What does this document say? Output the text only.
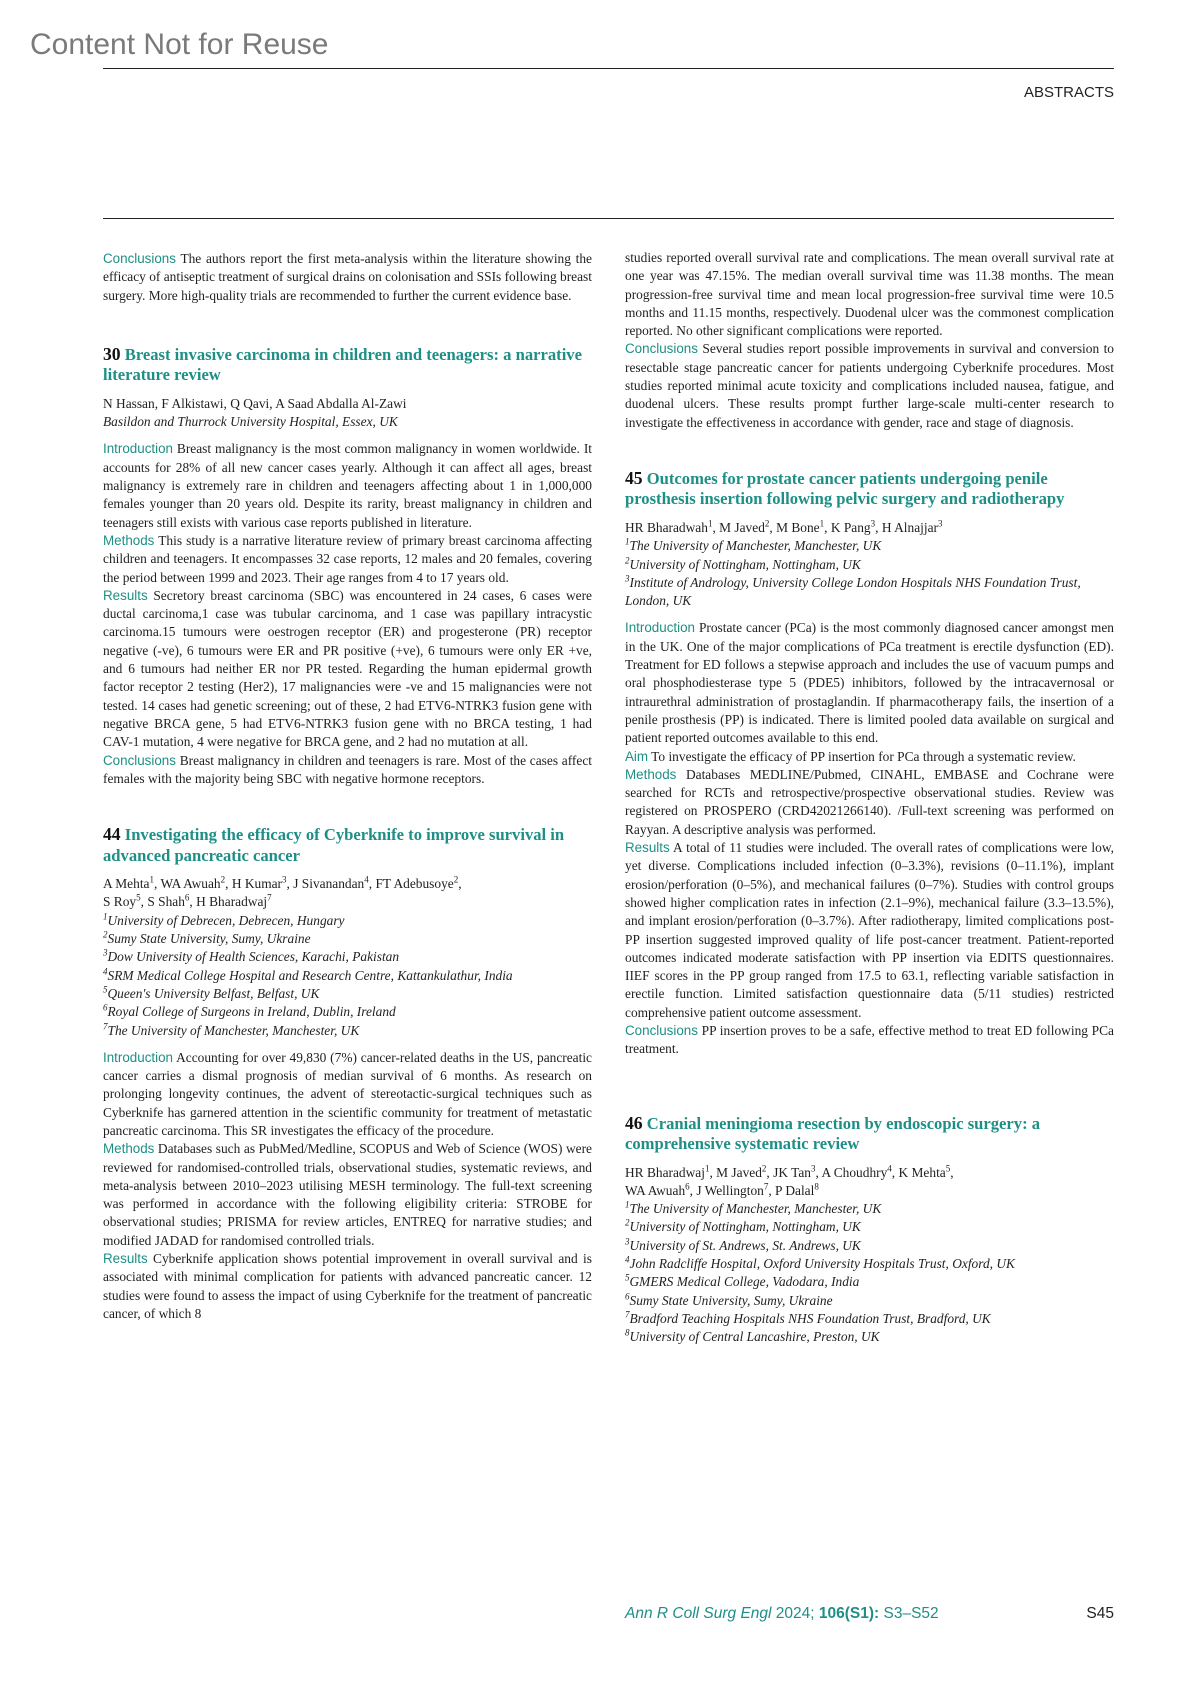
Content Not for Reuse
ABSTRACTS

Conclusions The authors report the first meta-analysis within the literature showing the efficacy of antiseptic treatment of surgical drains on colonisation and SSIs following breast surgery. More high-quality trials are recommended to further the current evidence base.

30 Breast invasive carcinoma in children and teenagers: a narrative literature review

N Hassan, F Alkistawi, Q Qavi, A Saad Abdalla Al-Zawi

Basildon and Thurrock University Hospital, Essex, UK

Introduction Breast malignancy is the most common malignancy in women worldwide. It accounts for 28% of all new cancer cases yearly. Although it can affect all ages, breast malignancy is extremely rare in children and teenagers affecting about 1 in 1,000,000 females younger than 20 years old. Despite its rarity, breast malignancy in children and teenagers still exists with various case reports published in literature.

Methods This study is a narrative literature review of primary breast carcinoma affecting children and teenagers. It encompasses 32 case reports, 12 males and 20 females, covering the period between 1999 and 2023. Their age ranges from 4 to 17 years old.

Results Secretory breast carcinoma (SBC) was encountered in 24 cases, 6 cases were ductal carcinoma,1 case was tubular carcinoma, and 1 case was papillary intracystic carcinoma.15 tumours were oestrogen receptor (ER) and progesterone (PR) receptor negative (-ve), 6 tumours were ER and PR positive (+ve), 6 tumours were only ER +ve, and 6 tumours had neither ER nor PR tested. Regarding the human epidermal growth factor receptor 2 testing (Her2), 17 malignancies were -ve and 15 malignancies were not tested. 14 cases had genetic screening; out of these, 2 had ETV6-NTRK3 fusion gene with negative BRCA gene, 5 had ETV6-NTRK3 fusion gene with no BRCA testing, 1 had CAV-1 mutation, 4 were negative for BRCA gene, and 2 had no mutation at all.

Conclusions Breast malignancy in children and teenagers is rare. Most of the cases affect females with the majority being SBC with negative hormone receptors.

44 Investigating the efficacy of Cyberknife to improve survival in advanced pancreatic cancer

A Mehta$^1$, WA Awuah$^2$, H Kumar$^3$, J Sivanandan$^4$, FT Adebusoye$^2$,
S Roy$^5$, S Shah$^6$, H Bharadwaj$^7$

$^1$University of Debrecen, Debrecen, Hungary

$^2$Sumy State University, Sumy, Ukraine

$^3$Dow University of Health Sciences, Karachi, Pakistan

$^4$SRM Medical College Hospital and Research Centre, Kattankulathur, India

$^5$Queen's University Belfast, Belfast, UK

$^6$Royal College of Surgeons in Ireland, Dublin, Ireland

$^7$The University of Manchester, Manchester, UK

Introduction Accounting for over 49,830 (7%) cancer-related deaths in the US, pancreatic cancer carries a dismal prognosis of median survival of 6 months. As research on prolonging longevity continues, the advent of stereotactic-surgical techniques such as Cyberknife has garnered attention in the scientific community for treatment of metastatic pancreatic carcinoma. This SR investigates the efficacy of the procedure.

Methods Databases such as PubMed/Medline, SCOPUS and Web of Science (WOS) were reviewed for randomised-controlled trials, observational studies, systematic reviews, and meta-analysis between 2010–2023 utilising MESH terminology. The full-text screening was performed in accordance with the following eligibility criteria: STROBE for observational studies; PRISMA for review articles, ENTREQ for narrative studies; and modified JADAD for randomised controlled trials.

Results Cyberknife application shows potential improvement in overall survival and is associated with minimal complication for patients with advanced pancreatic cancer. 12 studies were found to assess the impact of using Cyberknife for the treatment of pancreatic cancer, of which 8

studies reported overall survival rate and complications. The mean overall survival rate at one year was 47.15%. The median overall survival time was 11.38 months. The mean progression-free survival time and mean local progression-free survival time were 10.5 months and 11.15 months, respectively. Duodenal ulcer was the commonest complication reported. No other significant complications were reported.

Conclusions Several studies report possible improvements in survival and conversion to resectable stage pancreatic cancer for patients undergoing Cyberknife procedures. Most studies reported minimal acute toxicity and complications included nausea, fatigue, and duodenal ulcers. These results prompt further large-scale multi-center research to investigate the effectiveness in accordance with gender, race and stage of diagnosis.

45 Outcomes for prostate cancer patients undergoing penile prosthesis insertion following pelvic surgery and radiotherapy

HR Bharadwah$^1$, M Javed$^2$, M Bone$^1$, K Pang$^3$, H Alnajjar$^3$

$^1$The University of Manchester, Manchester, UK

$^2$University of Nottingham, Nottingham, UK

$^3$Institute of Andrology, University College London Hospitals NHS Foundation Trust, London, UK

Introduction Prostate cancer (PCa) is the most commonly diagnosed cancer amongst men in the UK. One of the major complications of PCa treatment is erectile dysfunction (ED). Treatment for ED follows a stepwise approach and includes the use of vacuum pumps and oral phosphodiesterase type 5 (PDE5) inhibitors, followed by the intracavernosal or intraurethral administration of prostaglandin. If pharmacotherapy fails, the insertion of a penile prosthesis (PP) is indicated. There is limited pooled data available on surgical and patient reported outcomes available to this end.

Aim To investigate the efficacy of PP insertion for PCa through a systematic review.

Methods Databases MEDLINE/Pubmed, CINAHL, EMBASE and Cochrane were searched for RCTs and retrospective/prospective observational studies. Review was registered on PROSPERO (CRD42021266140). /Full-text screening was performed on Rayyan. A descriptive analysis was performed.

Results A total of 11 studies were included. The overall rates of complications were low, yet diverse. Complications included infection (0–3.3%), revisions (0–11.1%), implant erosion/perforation (0–5%), and mechanical failures (0–7%). Studies with control groups showed higher complication rates in infection (2.1–9%), mechanical failure (3.3–13.5%), and implant erosion/perforation (0–3.7%). After radiotherapy, limited complications post-PP insertion suggested improved quality of life post-cancer treatment. Patient-reported outcomes indicated moderate satisfaction with PP insertion via EDITS questionnaires. IIEF scores in the PP group ranged from 17.5 to 63.1, reflecting variable satisfaction in erectile function. Limited satisfaction questionnaire data (5/11 studies) restricted comprehensive patient outcome assessment.

Conclusions PP insertion proves to be a safe, effective method to treat ED following PCa treatment.

46 Cranial meningioma resection by endoscopic surgery: a comprehensive systematic review

HR Bharadwaj$^1$, M Javed$^2$, JK Tan$^3$, A Choudhry$^4$, K Mehta$^5$,
WA Awuah$^6$, J Wellington$^7$, P Dalal$^8$

$^1$The University of Manchester, Manchester, UK

$^2$University of Nottingham, Nottingham, UK

$^3$University of St. Andrews, St. Andrews, UK

$^4$John Radcliffe Hospital, Oxford University Hospitals Trust, Oxford, UK

$^5$GMERS Medical College, Vadodara, India

$^6$Sumy State University, Sumy, Ukraine

$^7$Bradford Teaching Hospitals NHS Foundation Trust, Bradford, UK

$^8$University of Central Lancashire, Preston, UK

Ann R Coll Surg Engl 2024; 106(S1): S3–S52	S45
